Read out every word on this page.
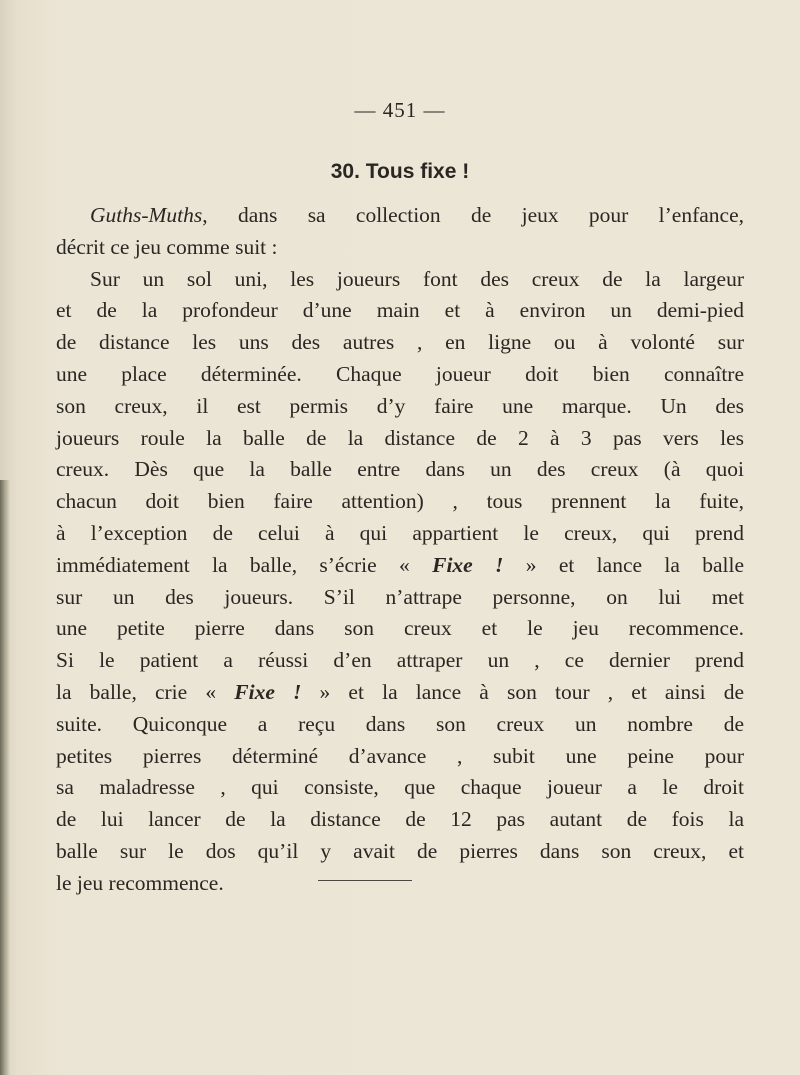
— 451 —
30. Tous fixe !
Guths-Muths, dans sa collection de jeux pour l’enfance,
décrit ce jeu comme suit :
Sur un sol uni, les joueurs font des creux de la largeur
et de la profondeur d’une main et à environ un demi-pied
de distance les uns des autres , en ligne ou à volonté sur
une place déterminée. Chaque joueur doit bien connaître
son creux, il est permis d’y faire une marque. Un des
joueurs roule la balle de la distance de 2 à 3 pas vers les
creux. Dès que la balle entre dans un des creux (à quoi
chacun doit bien faire attention) , tous prennent la fuite,
à l’exception de celui à qui appartient le creux, qui prend
immédiatement la balle, s’écrie « Fixe ! » et lance la balle
sur un des joueurs. S’il n’attrape personne, on lui met
une petite pierre dans son creux et le jeu recommence.
Si le patient a réussi d’en attraper un , ce dernier prend
la balle, crie « Fixe ! » et la lance à son tour , et ainsi de
suite. Quiconque a reçu dans son creux un nombre de
petites pierres déterminé d’avance , subit une peine pour
sa maladresse , qui consiste, que chaque joueur a le droit
de lui lancer de la distance de 12 pas autant de fois la
balle sur le dos qu’il y avait de pierres dans son creux, et
le jeu recommence.
